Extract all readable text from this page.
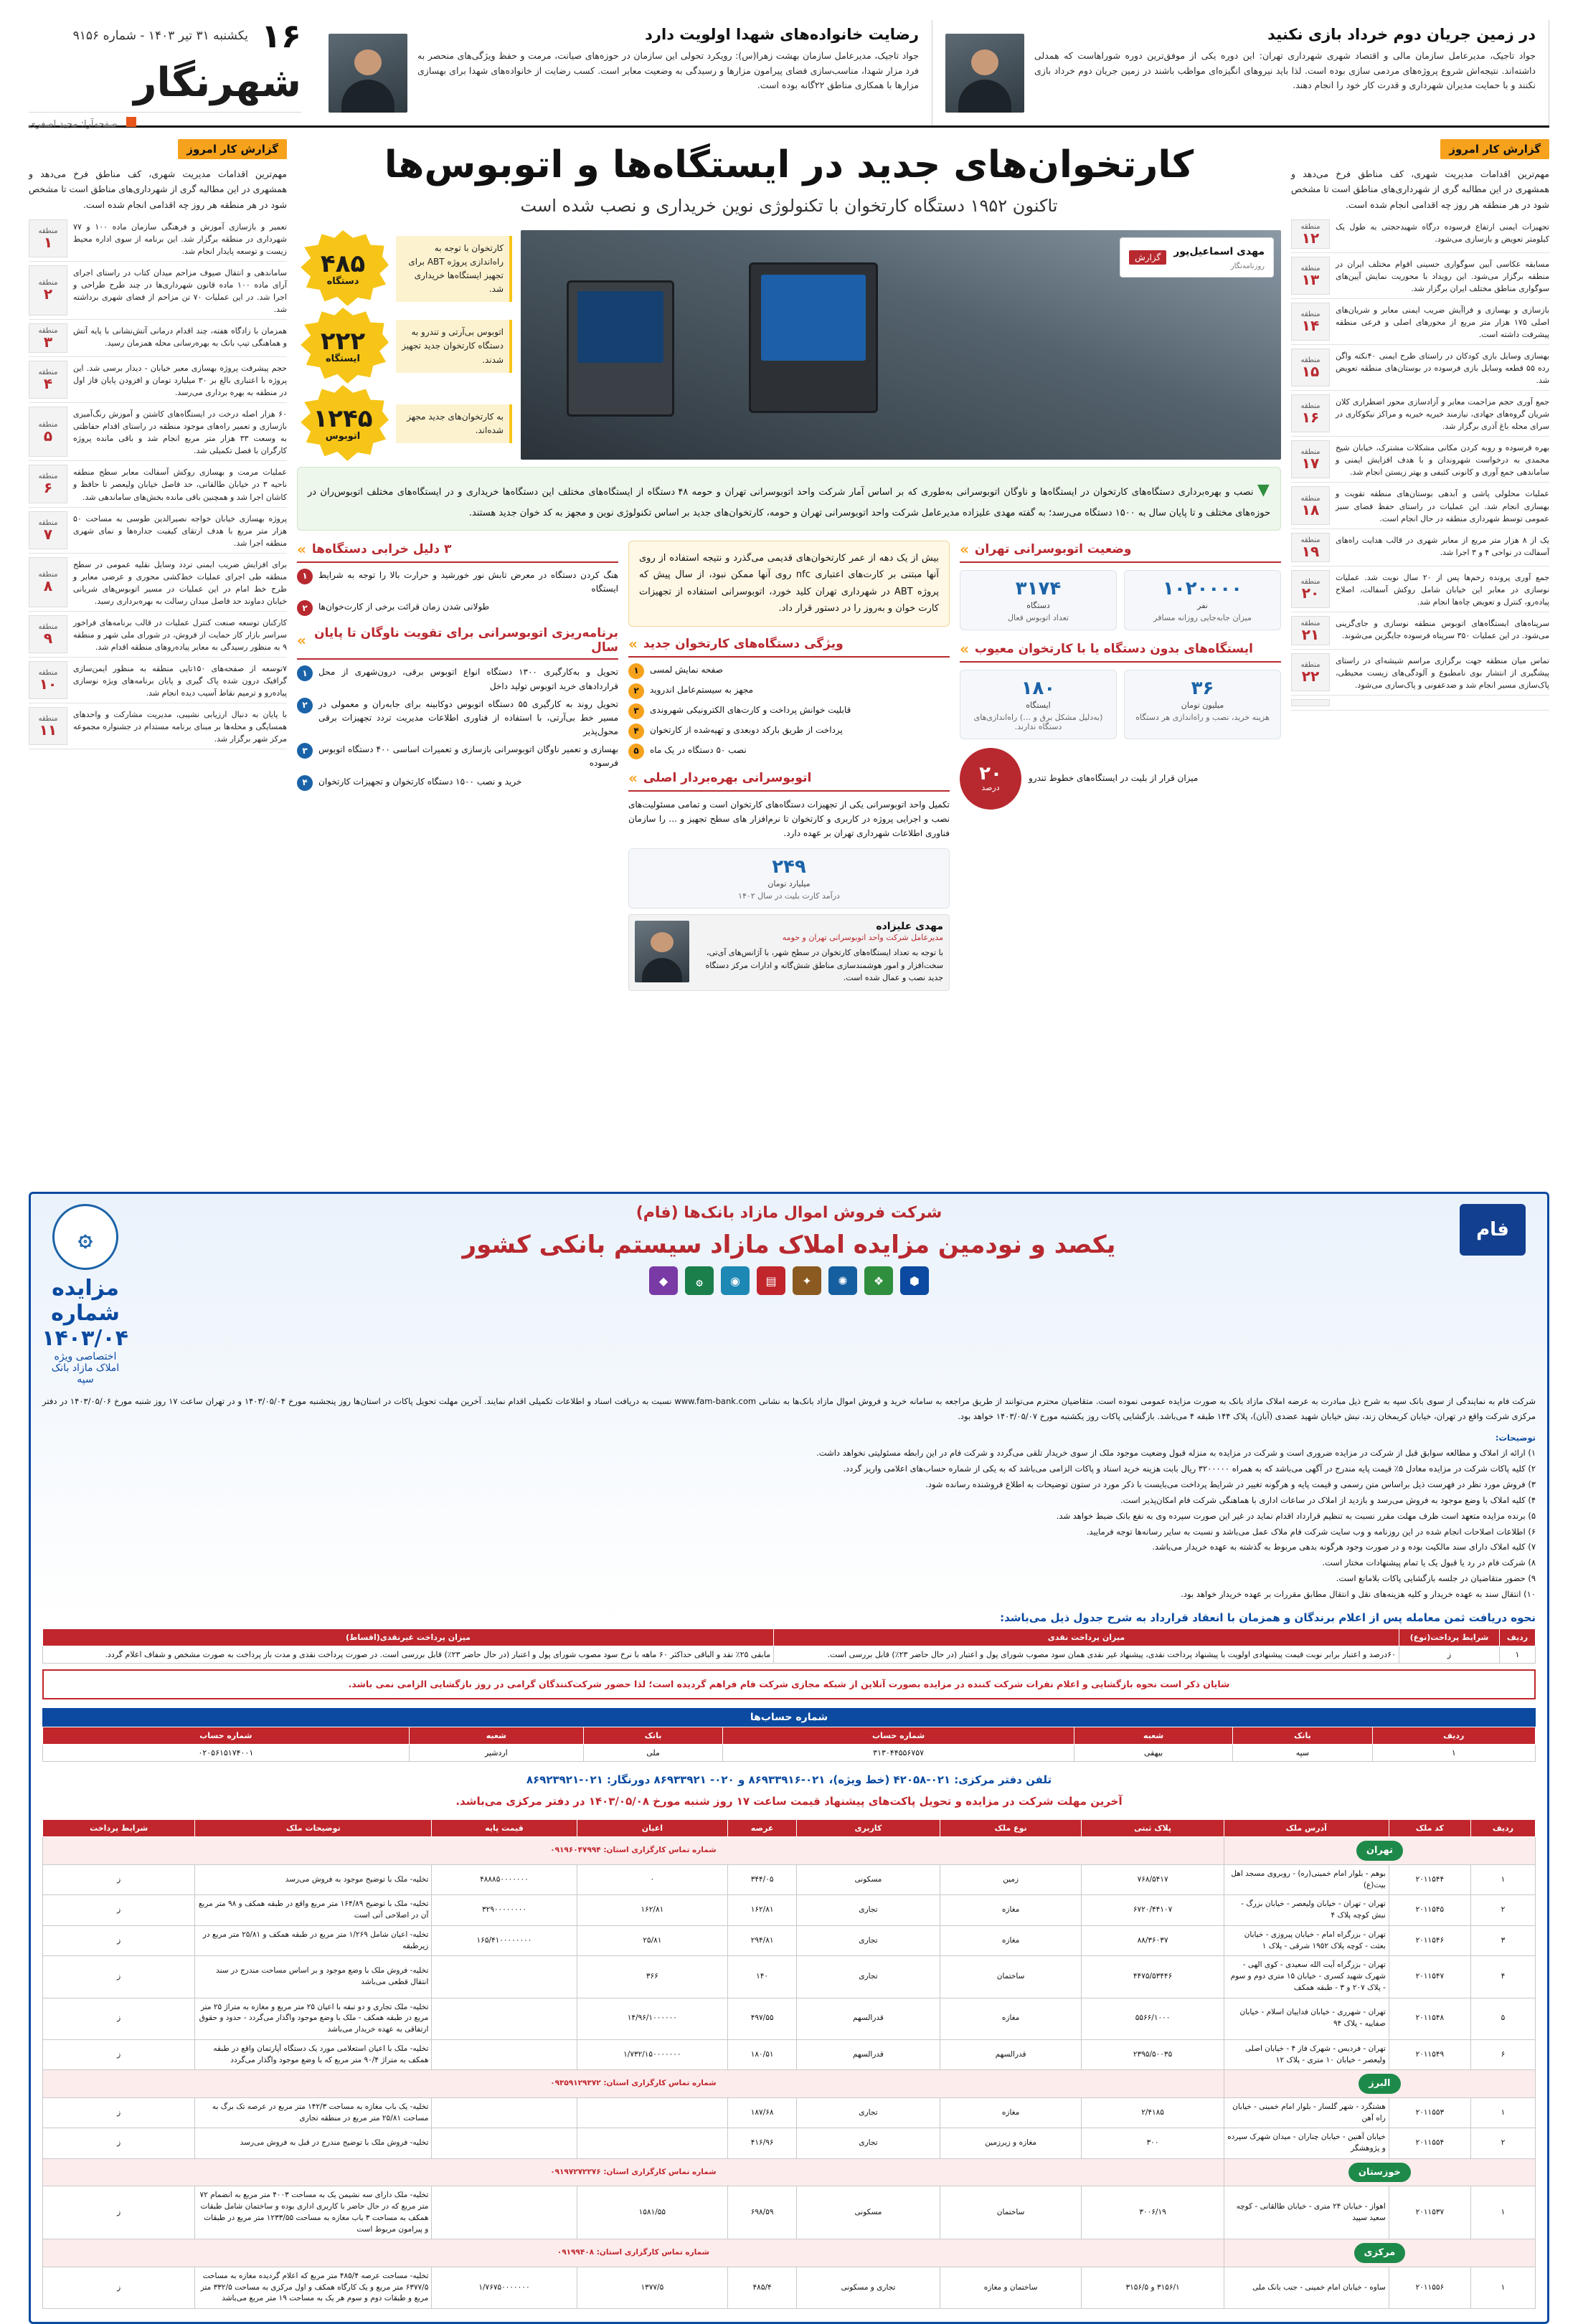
۱۶
یکشنبه ۳۱ تیر ۱۴۰۳ - شماره ۹۱۵۶
شهرنگار
صفحه‌آرا: مجید اصغری
رضایت خانواده‌های شهدا اولویت دارد
جواد تاجیک، مدیرعامل سازمان بهشت زهرا(س): رویکرد تحولی این سازمان در حوزه‌های صیانت، مرمت و حفظ ویژگی‌های منحصر به فرد مزار شهدا، مناسب‌سازی فضای پیرامون مزارها و رسیدگی به وضعیت معابر است. کسب رضایت از خانواده‌های شهدا برای بهسازی مزارها با همکاری مناطق ۲۲گانه بوده است.
در زمین جریان دوم خرداد بازی نکنید
جواد تاجیک، مدیرعامل سازمان مالی و اقتصاد شهری شهرداری تهران: این دوره یکی از موفق‌ترین دوره شوراهاست که همدلی داشته‌اند. نتیجه‌اش شروع پروژه‌های مردمی سازی بوده است. لذا باید نیروهای انگیزه‌ای مواظب باشند در زمین جریان دوم خرداد بازی نکنند و با حمایت مدیران شهرداری و قدرت کار خود را انجام دهند.
گزارش کار امروز
مهم‌ترین اقدامات مدیریت شهری، کف مناطق فرخ می‌دهد و همشهری در این مطالبه گری از شهرداری‌های مناطق است تا مشخص شود در هر منطقه هر روز چه اقدامی انجام شده است.
منطقه
۱
تعمیر و بازسازی آموزش و فرهنگی سازمان ماده ۱۰۰ و ۷۷ شهرداری در منطقه برگزار شد. این برنامه از سوی اداره محیط زیست و توسعه پایدار انجام شد.
منطقه
۲
ساماندهی و انتقال صیوف مزاحم میدان کتاب در راستای اجرای آرای ماده ۱۰۰ ماده قانون شهرداری‌ها در چند طرح طراحی و اجرا شد. در این عملیات ۷۰ تن مزاحم از فضای شهری برداشته شد.
منطقه
۳
همزمان با زادگاه هفته، چند اقدام درمانی آتش‌نشانی با پایه آتش و هماهنگی تیپ بانک به بهره‌رسانی محله همزمان رسید.
منطقه
۴
حجم پیشرفت پروژه بهسازی معبر خیابان - دیدار برسی شد. این پروژه با اعتباری بالغ بر ۳۰ میلیارد تومان و افزودن پایان فاز اول در منطقه به بهره برداری می‌رسد.
منطقه
۵
۶۰ هزار اصله درخت در ایستگاه‌های کاشتن و آموزش رنگ‌آمیزی بازسازی و تعمیر راه‌های موجود منطقه در راستای اقدام حفاظتی به وسعت ۳۳ هزار متر مربع انجام شد و باقی مانده پروژه کارگران با فصل تکمیلی شد.
منطقه
۶
عملیات مرمت و بهسازی روکش آسفالت معابر سطح منطقه ناحیه ۳ در خیابان طالقانی، حد فاصل خیابان ولیعصر تا حافظ و کاشان اجرا شد و همچنین باقی مانده بخش‌های ساماندهی شد.
منطقه
۷
پروژه بهسازی خیابان خواجه نصیرالدین طوسی به مساحت ۵۰ هزار متر مربع با هدف ارتقای کیفیت جداره‌ها و نمای شهری منطقه اجرا شد.
منطقه
۸
برای افزایش ضریب ایمنی تردد وسایل نقلیه عمومی در سطح منطقه طی اجرای عملیات خط‌کشی محوری و عرضی معابر و طرح خط امام در این عملیات در مسیر اتوبوس‌های شریانی خیابان دماوند حد فاصل میدان رسالت به بهره‌برداری رسید.
منطقه
۹
کارکنان توسعه صنعت کنترل عملیات در قالب برنامه‌های فراخور سراسر بازار کار حمایت از فروش، در شورای ملی شهر و منطقه ۹ به منظور رسیدگی به معابر پیاده‌روهای منطقه اقدام شد.
منطقه
۱۰
۷توسعه از صفحه‌های ۱۵۰تایی منطقه به منظور ایمن‌سازی گرافیک درون شده پاک گیری و پایان برنامه‌های ویژه نوسازی پیاده‌رو و ترمیم نقاط آسیب دیده انجام شد.
منطقه
۱۱
با پایان به دنبال ارزیابی نشیبی، مدیریت مشارکت و واحدهای همسایگی و محله‌ها بر مبنای برنامه مستدام در جشنواره مجموعه مرکز شهر برگزار شد.
کارتخوان‌های جدید در ایستگاه‌ها و اتوبوس‌ها
تاکنون ۱۹۵۲ دستگاه کارتخوان با تکنولوژی نوین خریداری و نصب شده است
۴۸۵
دستگاه
کارتخوان با توجه به راه‌اندازی پروژه ABT برای تجهیز ایستگاه‌ها خریداری شد.
۲۲۲
ایستگاه
اتوبوس بی‌آرتی و تندرو به دستگاه کارتخوان جدید تجهیز شدند.
۱۲۴۵
اتوبوس
به کارتخوان‌های جدید مجهز شده‌اند.
گزارش	مهدی اسماعیل‌پور
روزنامه‌نگار
▼ نصب و بهره‌برداری دستگاه‌های کارتخوان در ایستگاه‌ها و ناوگان اتوبوسرانی به‌طوری که بر اساس آمار شرکت واحد اتوبوسرانی تهران و حومه ۴۸ دستگاه از ایستگاه‌های مختلف این دستگاه‌ها خریداری و در ایستگاه‌های مختلف اتوبوس‌ران در حوزه‌های مختلف و تا پایان سال به ۱۵۰۰ دستگاه می‌رسد؛ به گفته مهدی علیزاده مدیرعامل شرکت واحد اتوبوسرانی تهران و حومه، کارتخوان‌های جدید بر اساس تکنولوژی نوین و مجهز به کد خوان جدید هستند.
» ۳ دلیل خرابی دستگاه‌ها
۱	هنگ کردن دستگاه در معرض تابش نور خورشید و حرارت بالا را توجه به شرایط ایستگاه
۲	طولانی شدن زمان قرائت برخی از کارت‌خوان‌ها
» برنامه‌ریزی اتوبوسرانی برای تقویت ناوگان تا پایان سال
۱	تحویل و به‌کارگیری ۱۳۰۰ دستگاه انواع اتوبوس برقی، درون‌شهری از محل قراردادهای خرید اتوبوس تولید داخل
۲	تحویل روند به کارگیری ۵۵ دستگاه اتوبوس دوکابینه برای جابه‌ران و معمولی در مسیر خط بی‌آرتی، با استفاده از فناوری اطلاعات مدیریت تردد تجهیزات برقی محول‌پذیر
۳	بهسازی و تعمیر ناوگان اتوبوسرانی بازسازی و تعمیرات اساسی ۴۰۰ دستگاه اتوبوس فرسوده
۴	خرید و نصب ۱۵۰۰ دستگاه کارتخوان و تجهیزات کارتخوان
بیش از یک دهه از عمر کارتخوان‌های قدیمی می‌گذرد و نتیجه استفاده از روی آنها مبتنی بر کارت‌های اعتباری nfc روی آنها ممکن نبود، از سال پیش که پروژه ABT در شهرداری تهران کلید خورد، اتوبوسرانی استفاده از تجهیزات کارت خوان و به‌روز را در دستور قرار داد.
» ویژگی دستگاه‌های کارتخوان جدید
۱	صفحه نمایش لمسی
۲	مجهز به سیستم‌عامل اندروید
۳	قابلیت خوانش پرداخت و کارت‌های الکترونیکی شهروندی
۴	پرداخت از طریق بارکد دوبعدی و تهیه‌شده از کارتخوان
۵	نصب ۵۰ دستگاه در یک ماه
» اتوبوسرانی بهره‌بردار اصلی
تکمیل واحد اتوبوسرانی یکی از تجهیزات دستگاه‌های کارتخوان است و تمامی مسئولیت‌های نصب و اجرایی پروژه در کاربری و کارتخوان تا نرم‌افزار های سطح تجهیز و ... را سازمان فناوری اطلاعات شهرداری تهران بر عهده دارد.
۲۴۹
میلیارد تومان
درآمد کارت بلیت در سال ۱۴۰۲
مهدی علیزاده
مدیرعامل شرکت واحد اتوبوسرانی تهران و حومه
با توجه به تعداد ایستگاه‌های کارتخوان در سطح شهر، با آژانس‌های آی‌تی، سخت‌افزار و امور هوشمندسازی مناطق شش‌گانه و ادارات مرکز دستگاه جدید نصب و عمال شده است.
» وضعیت اتوبوسرانی تهران
۳۱۷۴
دستگاه
تعداد اتوبوس فعال
۱۰۲۰۰۰۰
نفر
میزان جابه‌جایی روزانه مسافر
» ایستگاه‌های بدون دستگاه یا با کارتخوان معیوب
۱۸۰
ایستگاه
(به‌دلیل مشکل برق و …) راه‌اندازی‌های دستگاه ندارند.
۳۶
میلیون تومان
هزینه خرید، نصب و راه‌اندازی هر دستگاه
۲۰
درصد
میزان قرار از بلیت در ایستگاه‌های خطوط تندرو
گزارش کار امروز
مهم‌ترین اقدامات مدیریت شهری، کف مناطق فرخ می‌دهد و همشهری در این مطالبه گری از شهرداری‌های مناطق است تا مشخص شود در هر منطقه هر روز چه اقدامی انجام شده است.
منطقه
۱۲
تجهیزات ایمنی ارتفاع فرسوده درگاه شهیدحجتی به طول یک کیلومتر تعویض و بازسازی می‌شود.
منطقه
۱۳
مسابقه عکاسی آیین سوگواری حسینی اقوام مختلف ایران در منطقه برگزار می‌شود. این رویداد با محوریت نمایش آیین‌های سوگواری مناطق مختلف ایران برگزار شد.
منطقه
۱۴
بازسازی و بهسازی و فراآیش ضریب ایمنی معابر و شریان‌های اصلی ۱۷۵ هزار متر مربع از محورهای اصلی و فرعی منطقه پیشرفت داشته است.
منطقه
۱۵
بهسازی وسایل بازی کودکان در راستای طرح ایمنی ۴۰نکته واگن رده ۵۵ قطعه وسایل بازی فرسوده در بوستان‌های منطقه تعویض شد.
منطقه
۱۶
جمع آوری حجم مزاحمت معابر و آزادسازی محور اضطراری کلان شریان گروه‌های جهادی، نیازمند خیریه خیریه و مراکز نیکوکاری در سرای محله باغ آذری برگزار شد.
منطقه
۱۷
بهره فرسوده و روبه کردن مکانی مشکلات مشترک، خیابان شیخ محمدی به درخواست شهروندان و با هدف افزایش ایمنی و ساماندهی جمع آوری و کانونی کثیفی و بهتر زیستن انجام شد.
منطقه
۱۸
عملیات محلولی پاشی و آبدهی بوستان‌های منطقه تقویت و بهسازی انجام شد. این عملیات در راستای حفظ فضای سبز عمومی توسط شهرداری منطقه در حال انجام است.
منطقه
۱۹
یک از ۸ هزار متر مربع از معابر شهری در قالب هدایت راه‌های آسفالت در نواحی ۴ و ۳ اجرا شد.
منطقه
۲۰
جمع آوری پرونده زخم‌ها پس از ۲۰ سال نوبت شد. عملیات نوسازی در معابر این خیابان شامل روکش آسفالت، اصلاح پیاده‌رو، کنترل و تعویض چاه‌ها انجام شد.
منطقه
۲۱
سرپناه‌های ایستگاه‌های اتوبوس منطقه نوسازی و جای‌گزینی می‌شود. در این عملیات ۳۵۰ سرپناه فرسوده جایگزین می‌شوند.
منطقه
۲۲
تماس میان منطقه جهت برگزاری مراسم شیشه‌ای در راستای پیشگیری از انتشار بوی نامطبوع و آلودگی‌های زیست محیطی، پاک‌سازی مسیر انجام شد و ضدعفونی و پاک‌سازی می‌شود.
۞
مزایده شماره ۱۴۰۳/۰۴
اختصاصی ویژه املاک مازاد بانک سپه
شرکت فروش اموال مازاد بانک‌ها (فام)
یکصد و نودمین مزایده املاک مازاد سیستم بانکی کشور
◆	۞	◉	▤	✦	✺	❖	⬢
فام
شرکت فام به نمایندگی از سوی بانک سپه به شرح ذیل مبادرت به عرضه املاک مازاد بانک به صورت مزایده عمومی نموده است. متقاضیان محترم می‌توانند از طریق مراجعه به سامانه خرید و فروش اموال مازاد بانک‌ها به نشانی www.fam-bank.com نسبت به دریافت اسناد و اطلاعات تکمیلی اقدام نمایند. آخرین مهلت تحویل پاکات در استان‌ها روز پنجشنبه مورخ ۱۴۰۳/۰۵/۰۴ و در تهران ساعت ۱۷ روز شنبه مورخ ۱۴۰۳/۰۵/۰۶ در دفتر مرکزی شرکت واقع در تهران، خیابان کریمخان زند، نبش خیابان شهید عضدی (آبان)، پلاک ۱۴۴ طبقه ۴ می‌باشد. بازگشایی پاکات روز یکشنبه مورخ ۱۴۰۳/۰۵/۰۷ خواهد بود.
توضیحات:
۱) ارائه از املاک و مطالعه سوابق قبل از شرکت در مزایده ضروری است و شرکت در مزایده به منزله قبول وضعیت موجود ملک از سوی خریدار تلقی می‌گردد و شرکت فام در این رابطه مسئولیتی نخواهد داشت.
۲) کلیه پاکات شرکت در مزایده معادل ۵٪ قیمت پایه مندرج در آگهی می‌باشد که به همراه ۳۲۰۰۰۰۰ ریال بابت هزینه خرید اسناد و پاکات الزامی می‌باشد که به یکی از شماره حساب‌های اعلامی واریز گردد.
۳) فروش مورد نظر در فهرست ذیل براساس متن رسمی و قیمت پایه و هرگونه تغییر در شرایط پرداخت می‌بایست با ذکر مورد در ستون توضیحات به اطلاع فروشنده رسانده شود.
۴) کلیه املاک با وضع موجود به فروش می‌رسد و بازدید از املاک در ساعات اداری با هماهنگی شرکت فام امکان‌پذیر است.
۵) برنده مزایده متعهد است ظرف مهلت مقرر نسبت به تنظیم قرارداد اقدام نماید در غیر این صورت سپرده وی به نفع بانک ضبط خواهد شد.
۶) اطلاعات اصلاحات انجام شده در این روزنامه و وب سایت شرکت فام ملاک عمل می‌باشد و نسبت به سایر رسانه‌ها توجه فرمایید.
۷) کلیه املاک دارای سند مالکیت بوده و در صورت وجود هرگونه بدهی مربوط به گذشته به عهده خریدار می‌باشد.
۸) شرکت فام در رد یا قبول یک یا تمام پیشنهادات مختار است.
۹) حضور متقاضیان در جلسه بازگشایی پاکات بلامانع است.
۱۰) انتقال سند به عهده خریدار و کلیه هزینه‌های نقل و انتقال مطابق مقررات بر عهده خریدار خواهد بود.
نحوه دریافت ثمن معامله پس از اعلام برندگان و همزمان با انعقاد قرارداد به شرح جدول ذیل می‌باشد:
ردیف	شرایط پرداخت(نوع)	میزان پرداخت نقدی	میزان پرداخت غیرنقدی(اقساط)
۱	ز	۶۰درصد و اعتبار برابر نوبت قیمت پیشنهادی اولویت با پیشنهاد پرداخت نقدی، پیشنهاد غیر نقدی همان سود مصوب شورای پول و اعتبار (در حال حاضر ۲۳٪) قابل بررسی است.	مابقی ۲۵٪ نقد و الباقی حداکثر ۶۰ ماهه با نرخ سود مصوب شورای پول و اعتبار (در حال حاضر ۲۳٪) قابل بررسی است. در صورت پرداخت نقدی و مدت باز پرداخت به صورت مشخص و شفاف اعلام گردد.
شایان ذکر است نحوه بازگشایی و اعلام نفرات شرکت کننده در مزایده بصورت آنلاین از شبکه مجازی شرکت فام فراهم گردیده است؛ لذا حضور شرکت‌کنندگان گرامی در روز بازگشایی الزامی نمی باشد.
شماره حساب‌ها
ردیف	بانک	شعبه	شماره حساب	بانک	شعبه	شماره حساب
۱	سپه	بیهقی	۳۱۳۰۴۴۵۵۶۷۵۷	ملی	اردشیر	۰۲۰۵۶۱۵۱۷۴۰۰۱
تلفن دفتر مرکزی: ۰۲۱-۴۲۰۵۸ (خط ویژه)، ۰۲۱-۸۶۹۳۳۹۱۶ و ۰۲۰- ۸۶۹۳۳۹۲۱ دورنگار: ۰۲۱-۸۶۹۲۳۹۲۱
آخرین مهلت شرکت در مزایده و تحویل پاکت‌های پیشنهاد قیمت ساعت ۱۷ روز شنبه مورخ ۱۴۰۳/۰۵/۰۸ در دفتر مرکزی می‌باشد.
ردیف	کد ملک	آدرس ملک	پلاک ثبتی	نوع ملک	کاربری	عرصه	اعیان	قیمت پایه	توضیحات ملک	شرایط پرداخت
تهران			شماره تماس کارگزاری استان: ۰۹۱۹۶۰۴۷۹۹۴							
۱	۲۰۱۱۵۴۴	بوهم - بلوار امام خمینی(ره) - روبروی مسجد اهل بیت(ع)	۷۶۸/۵۴۱۷	زمین	مسکونی	۳۴۴/۰۵	۰	۴۸۸۸۵۰۰۰۰۰۰۰	تخلیه- ملک با توضیح موجود به فروش می‌رسد	ز
۲	۲۰۱۱۵۴۵	تهران - تهران - خیابان ولیعصر - خیابان بزرگ - نبش کوچه پلاک ۴	۶۷۲۰/۴۴۱۰۷	مغازه	تجاری	۱۶۲/۸۱	۱۶۲/۸۱	۳۲۹۰۰۰۰۰۰۰۰	تخلیه- ملک با توضیح ۱۶۴/۸۹ متر مربع واقع در طبقه همکف و ۹۸ متر مربع آن در اصلاحی آتی است	ز
۳	۲۰۱۱۵۴۶	تهران - بزرگراه امام - خیابان پیروزی - خیابان بعثت - کوچه پلاک ۱۹۵۲ شرقی - پلاک ۱	۸۸/۳۶۰۳۷	مغازه	تجاری	۲۹۴/۸۱	۲۵/۸۱	۱۶۵/۴۱۰۰۰۰۰۰۰۰	تخلیه- اعیان شامل ۱/۲۶۹ متر مربع در طبقه همکف و ۲۵/۸۱ متر مربع در زیرطبقه	ز
۴	۲۰۱۱۵۴۷	تهران - بزرگراه آیت الله سعیدی - کوی الهی - شهرک شهید کسری - خیابان ۱۵ متری دوم و سوم - پلاک ۲۰۷ و ۳ - طبقه همکف	۴۴۷۵/۵۳۴۴۶	ساختمان	تجاری	۱۴۰	۳۶۶		تخلیه- فروش ملک با وضع موجود و بر اساس مساحت مندرج در سند انتقال قطعی می‌باشد	ز
۵	۲۰۱۱۵۴۸	تهران - شهرری - خیابان فداییان اسلام - خیابان صفاییه - پلاک ۹۴	۵۵۶۶/۱۰۰۰	مغازه	قدرالسهم	۴۹۷/۵۵	۱۴/۹۶/۱۰۰۰۰۰۰		تخلیه- ملک تجاری و دو تبقه با اعیان ۲۵ متر مربع و مغازه به متراژ ۲۵ متر مربع در طبقه همکف - ملک با وضع موجود واگذار می‌گردد - حدود و حقوق ارتفاقی به عهده خریدار می‌باشد	ز
۶	۲۰۱۱۵۴۹	تهران - فردیس - شهرک فاز ۴ - خیابان اصلی ولیعصر - خیابان ۱۰ متری - پلاک ۱۲	۲۳۹۵/۵۰۰۳۵	قدرالسهم	قدرالسهم	۱۸۰/۵۱	۱/۷۳۲/۱۵۰۰۰۰۰۰۰		تخلیه- ملک با اعیان استعلامی مورد یک دستگاه آپارتمان واقع در طبقه همکف به متراژ ۹۰/۴ متر مربع که با وضع موجود واگذار می‌گردد	ز
البرز			شماره تماس کارگزاری استان: ۰۹۳۵۹۱۲۹۳۷۲							
۱	۲۰۱۱۵۵۳	هشتگرد - شهر گلسار - بلوار امام خمینی - خیابان راه آهن	۲/۴۱۸۵	مغازه	تجاری	۱۸۷/۶۸			تخلیه- یک باب مغازه به مساحت ۱۴۲/۳ متر مربع در عرصه تک برگ به مساحت ۲۵/۸۱ متر مربع در منطقه تجاری	ز
۲	۲۰۱۱۵۵۴	خیابان آهنین - خیابان چناران - میدان شهرک سپرده و پژوهشگر	۳۰۰	مغازه و زیرزمین	تجاری	۴۱۶/۹۶			تخلیه- فروش ملک با توضیح مندرج در قبل به فروش می‌رسد	ز
خوزستان			شماره تماس کارگزاری استان: ۰۹۱۹۷۲۷۲۲۷۶							
۱	۲۰۱۱۵۳۷	اهواز - خیابان ۲۴ متری - خیابان طالقانی - کوچه سعید سپید	۳۰۰۶/۱۹	ساختمان	مسکونی	۶۹۸/۵۹	۱۵۸۱/۵۵		تخلیه- ملک دارای سه نشیمن یک به مساحت ۴۰۰۳ متر مربع به انضمام ۷۲ متر مربع که در حال حاضر با کاربری اداری بوده و ساختمان شامل طبقات همکف به مساحت ۳ باب مغازه به مساحت ۱۲۳۳/۵۵ متر مربع در طبقات و پیرامون مربوط است	ز
مرکزی			شماره تماس کارگزاری استان: ۰۹۱۹۹۴۰۸							
۱	۲۰۱۱۵۵۶	ساوه - خیابان امام خمینی - جنب بانک ملی	۳۱۵۶/۱ و ۳۱۵۶/۵	ساختمان و مغازه	تجاری و مسکونی	۴۸۵/۴	۱۳۷۷/۵	۱/۷۶۷۵۰۰۰۰۰۰۰	تخلیه- مساحت عرصه ۴۸۵/۴ متر مربع که اعلام گردیده مغازه به مساحت ۶۳۷۷/۵ متر مربع و یک کارگاه همکف و اول مرکزی به مساحت ۳۳۲/۵ متر مربع و طبقات دوم و سوم هر یک به مساحت ۱۹ متر مربع می‌باشد	ز
